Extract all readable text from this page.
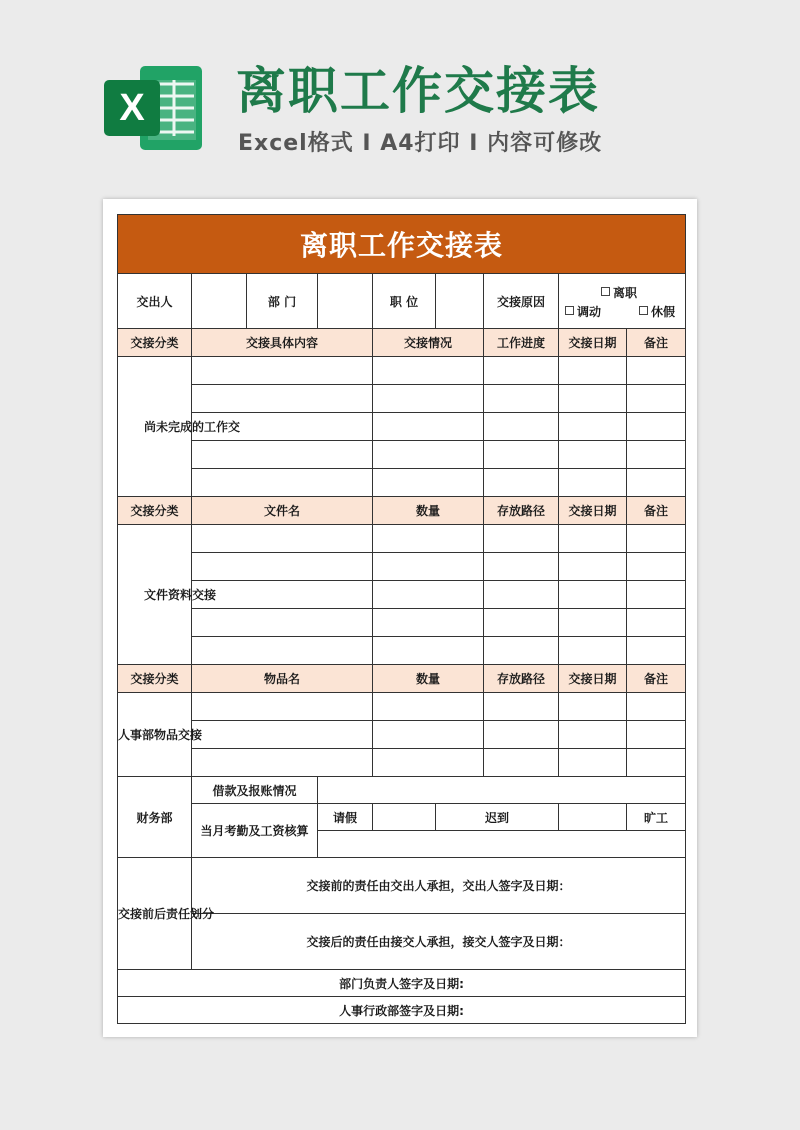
X 离职工作交接表
Excel格式 I A4打印 I 内容可修改
离职工作交接表									
交出人		部 门		职 位		交接原因	离职
调动 休假		

交接分类	交接具体内容			交接情况		工作进度	交接日期	备注	
尚未完成的工作交									

交接分类	文件名			数量		存放路径	交接日期	备注	
文件资料交接									

交接分类	物品名			数量		存放路径	交接日期	备注	
人事部物品交接									

财务部	借款及报账情况								
	当月考勤及工资核算		请假		迟到			旷工	

交接前后责任划分	交接前的责任由交出人承担，交出人签字及日期：								
	交接后的责任由接交人承担，接交人签字及日期：								
部门负责人签字及日期:									
人事行政部签字及日期:									
